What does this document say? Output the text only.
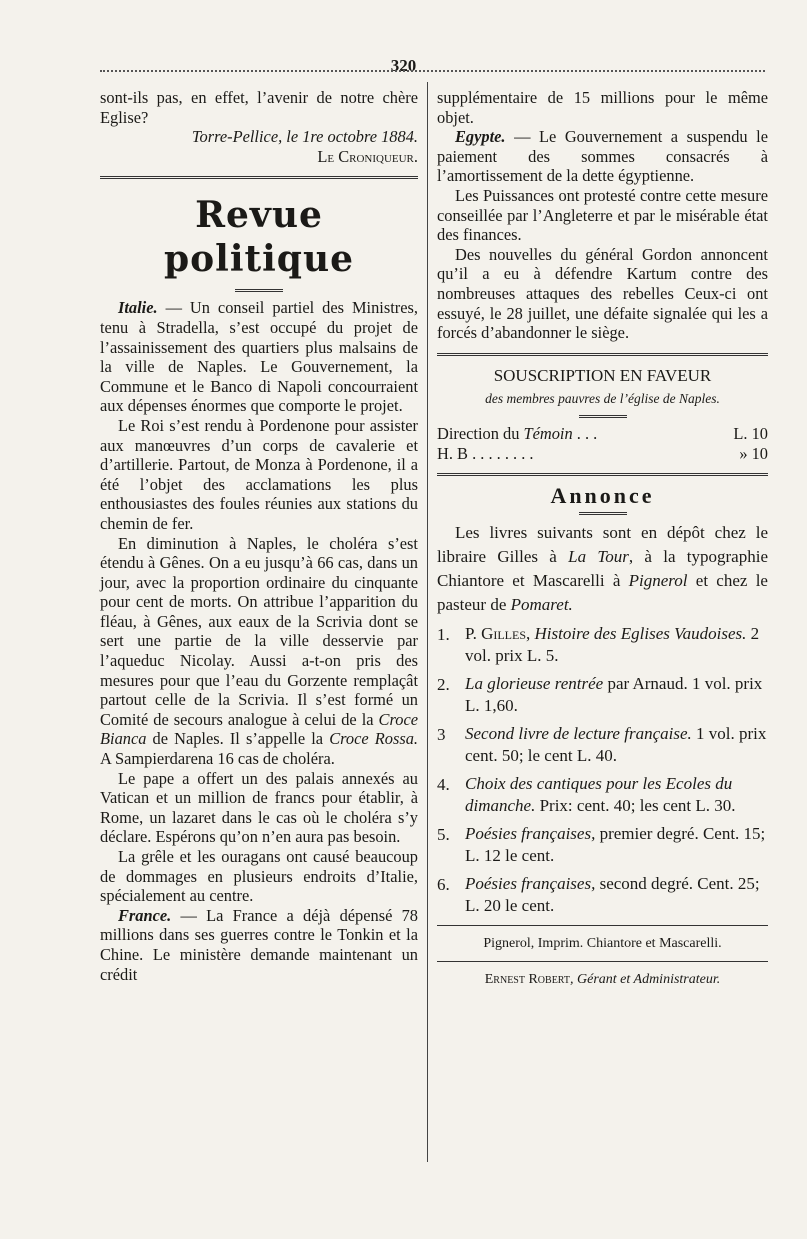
320

sont-ils pas, en effet, l’avenir de notre chère Eglise?

Torre-Pellice, le 1re octobre 1884.

Le Croniqueur.

Revue politique

Italie. — Un conseil partiel des Ministres, tenu à Stradella, s’est occupé du projet de l’assainissement des quartiers plus malsains de la ville de Naples. Le Gouvernement, la Commune et le Banco di Napoli concourraient aux dépenses énormes que comporte le projet.

Le Roi s’est rendu à Pordenone pour assister aux manœuvres d’un corps de cavalerie et d’artillerie. Partout, de Monza à Pordenone, il a été l’objet des acclamations les plus enthousiastes des foules réunies aux stations du chemin de fer.

En diminution à Naples, le choléra s’est étendu à Gênes. On a eu jusqu’à 66 cas, dans un jour, avec la proportion ordinaire du cinquante pour cent de morts. On attribue l’apparition du fléau, à Gênes, aux eaux de la Scrivia dont se sert une partie de la ville desservie par l’aqueduc Nicolay. Aussi a-t-on pris des mesures pour que l’eau du Gorzente remplaçât partout celle de la Scrivia. Il s’est formé un Comité de secours analogue à celui de la Croce Bianca de Naples. Il s’appelle la Croce Rossa. A Sampierdarena 16 cas de choléra.

Le pape a offert un des palais annexés au Vatican et un million de francs pour établir, à Rome, un lazaret dans le cas où le choléra s’y déclare. Espérons qu’on n’en aura pas besoin.

La grêle et les ouragans ont causé beaucoup de dommages en plusieurs endroits d’Italie, spécialement au centre.

France. — La France a déjà dépensé 78 millions dans ses guerres contre le Tonkin et la Chine. Le ministère demande maintenant un crédit

supplémentaire de 15 millions pour le même objet.

Egypte. — Le Gouvernement a suspendu le paiement des sommes consacrés à l’amortissement de la dette égyptienne.

Les Puissances ont protesté contre cette mesure conseillée par l’Angleterre et par le misérable état des finances.

Des nouvelles du général Gordon annoncent qu’il a eu à défendre Kartum contre des nombreuses attaques des rebelles Ceux-ci ont essuyé, le 28 juillet, une défaite signalée qui les a forcés d’abandonner le siège.

SOUSCRIPTION EN FAVEUR
des membres pauvres de l’église de Naples.
Direction du Témoin . . .	L. 10
H. B . . . . . . . .	» 10
Annonce

Les livres suivants sont en dépôt chez le libraire Gilles à La Tour, à la typographie Chiantore et Mascarelli à Pignerol et chez le pasteur de Pomaret.

1. P. Gilles, Histoire des Eglises Vaudoises. 2 vol. prix L. 5.
2. La glorieuse rentrée par Arnaud. 1 vol. prix L. 1,60.
3	Second livre de lecture française. 1 vol. prix cent. 50; le cent L. 40.
4. Choix des cantiques pour les Ecoles du dimanche. Prix: cent. 40; les cent L. 30.
5. Poésies françaises, premier degré. Cent. 15; L. 12 le cent.
6. Poésies françaises, second degré. Cent. 25; L. 20 le cent.
Pignerol, Imprim. Chiantore et Mascarelli.
Ernest Robert, Gérant et Administrateur.
